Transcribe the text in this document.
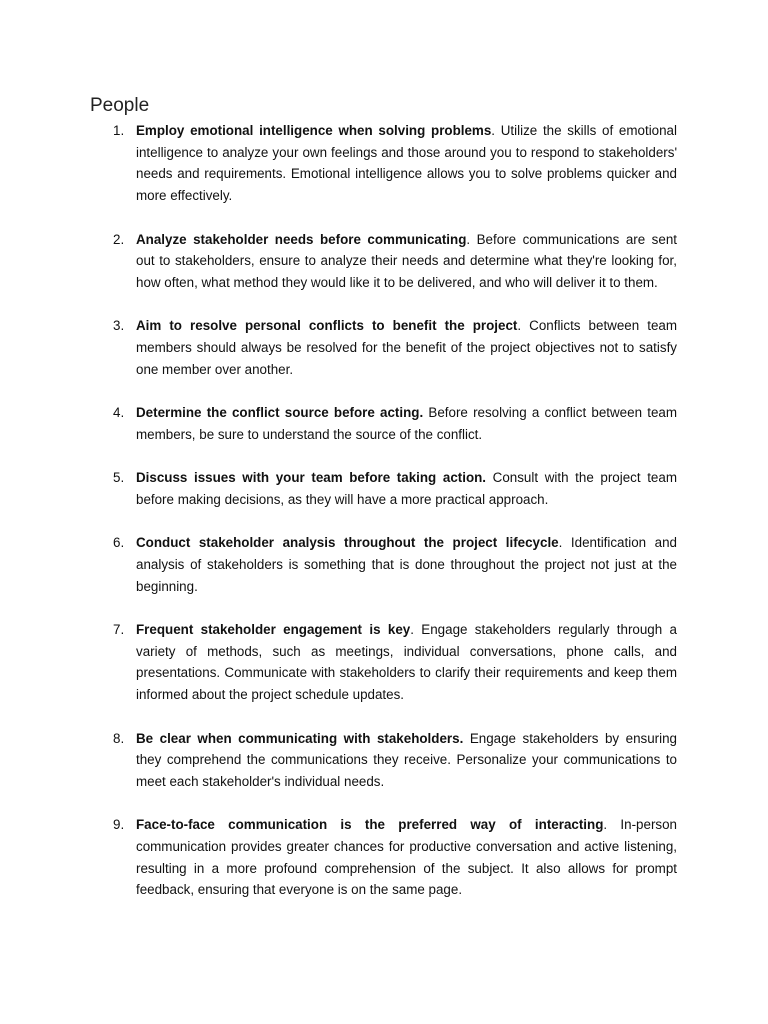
People
1. Employ emotional intelligence when solving problems. Utilize the skills of emotional intelligence to analyze your own feelings and those around you to respond to stakeholders' needs and requirements. Emotional intelligence allows you to solve problems quicker and more effectively.
2. Analyze stakeholder needs before communicating. Before communications are sent out to stakeholders, ensure to analyze their needs and determine what they're looking for, how often, what method they would like it to be delivered, and who will deliver it to them.
3. Aim to resolve personal conflicts to benefit the project. Conflicts between team members should always be resolved for the benefit of the project objectives not to satisfy one member over another.
4. Determine the conflict source before acting. Before resolving a conflict between team members, be sure to understand the source of the conflict.
5. Discuss issues with your team before taking action. Consult with the project team before making decisions, as they will have a more practical approach.
6. Conduct stakeholder analysis throughout the project lifecycle. Identification and analysis of stakeholders is something that is done throughout the project not just at the beginning.
7. Frequent stakeholder engagement is key. Engage stakeholders regularly through a variety of methods, such as meetings, individual conversations, phone calls, and presentations. Communicate with stakeholders to clarify their requirements and keep them informed about the project schedule updates.
8. Be clear when communicating with stakeholders. Engage stakeholders by ensuring they comprehend the communications they receive. Personalize your communications to meet each stakeholder's individual needs.
9. Face-to-face communication is the preferred way of interacting. In-person communication provides greater chances for productive conversation and active listening, resulting in a more profound comprehension of the subject. It also allows for prompt feedback, ensuring that everyone is on the same page.
